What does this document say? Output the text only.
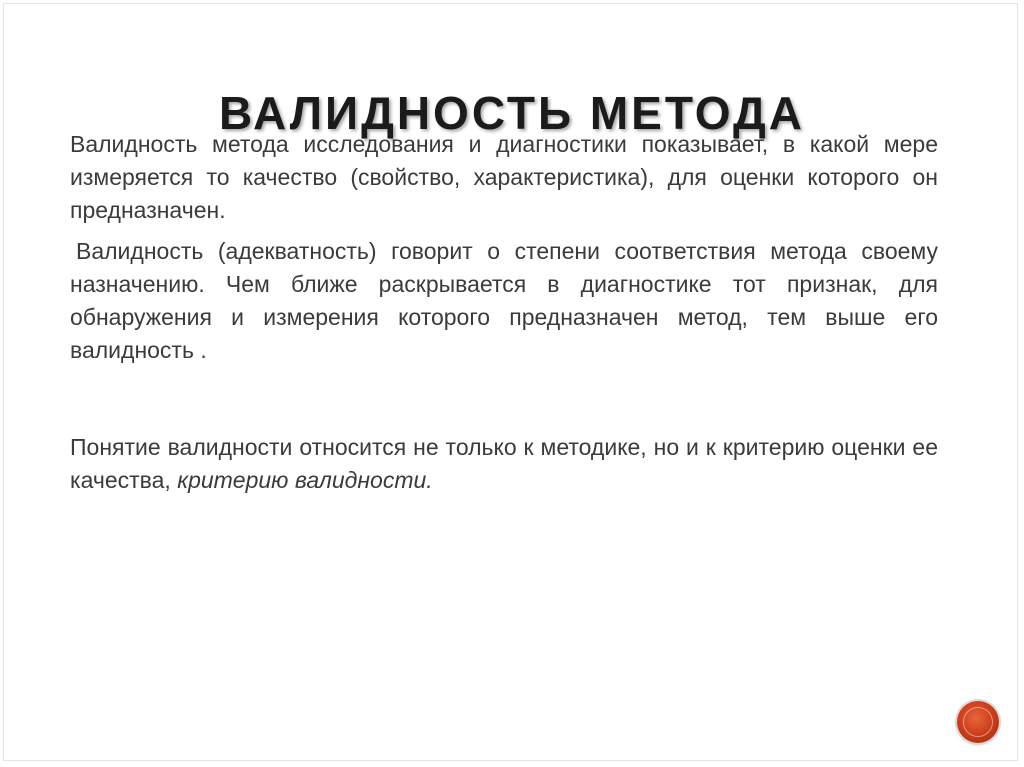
ВАЛИДНОСТЬ МЕТОДА

Валидность метода исследования и диагностики показывает, в какой мере измеряется то качество (свойство, характеристика), для оценки которого он предназначен.

Валидность (адекватность) говорит о степени соответствия метода своему назначению. Чем ближе раскрывается в диагностике тот признак, для обнаружения и измерения которого предназначен метод, тем выше его валидность .

Понятие валидности относится не только к методике, но и к критерию оценки ее качества, критерию валидности.
